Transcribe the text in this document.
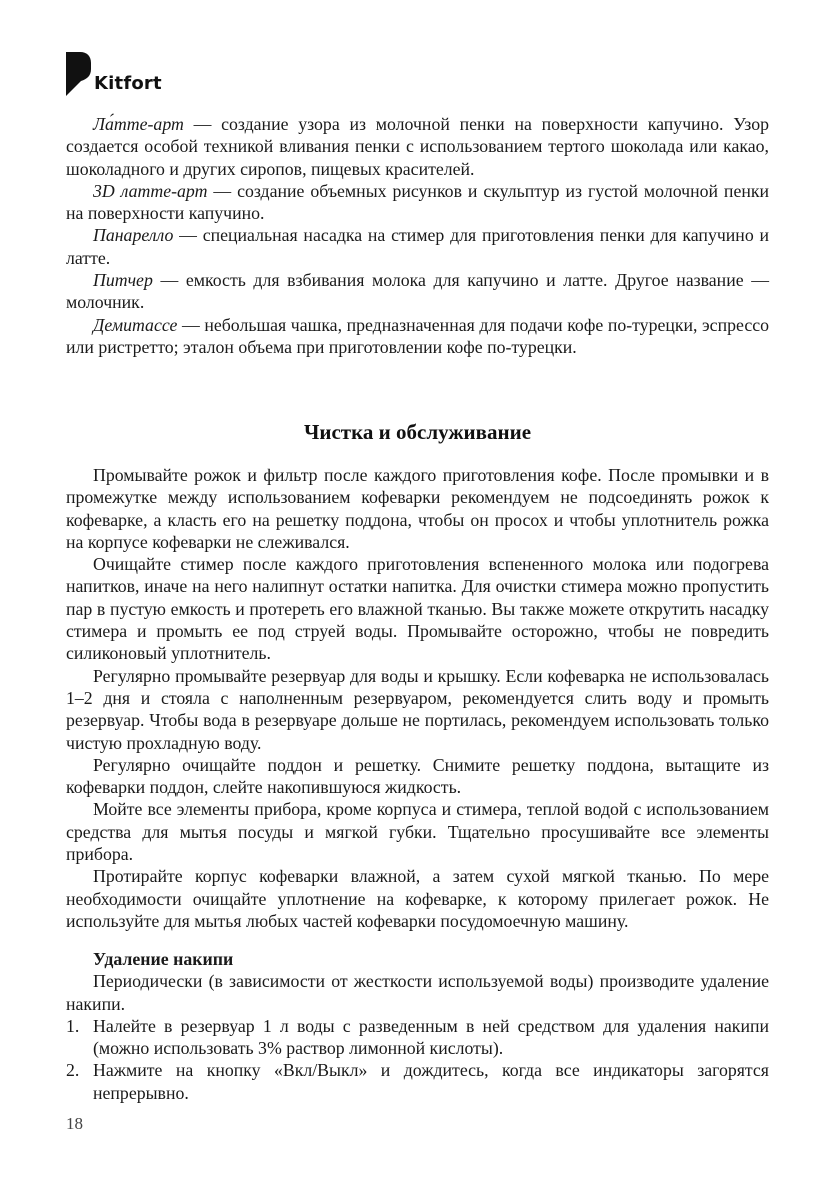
Kitfort

Ла́тте-арт — создание узора из молочной пенки на поверхности капучино. Узор создается особой техникой вливания пенки с использованием тертого шоколада или какао, шоколадного и других сиропов, пищевых красителей.

3D латте-арт — создание объемных рисунков и скульптур из густой молочной пенки на поверхности капучино.

Панарелло — специальная насадка на стимер для приготовления пенки для капучино и латте.

Питчер — емкость для взбивания молока для капучино и латте. Другое название — молочник.

Демитассе — небольшая чашка, предназначенная для подачи кофе по-турецки, эспрессо или ристретто; эталон объема при приготовлении кофе по-турецки.

Чистка и обслуживание

Промывайте рожок и фильтр после каждого приготовления кофе. После промывки и в промежутке между использованием кофеварки рекомендуем не подсоединять рожок к кофеварке, а класть его на решетку поддона, чтобы он просох и чтобы уплотнитель рожка на корпусе кофеварки не слеживался.

Очищайте стимер после каждого приготовления вспененного молока или подогрева напитков, иначе на него налипнут остатки напитка. Для очистки стимера можно пропустить пар в пустую емкость и протереть его влажной тканью. Вы также можете открутить насадку стимера и промыть ее под струей воды. Промывайте осторожно, чтобы не повредить силиконовый уплотнитель.

Регулярно промывайте резервуар для воды и крышку. Если кофеварка не использовалась 1–2 дня и стояла с наполненным резервуаром, рекомендуется слить воду и промыть резервуар. Чтобы вода в резервуаре дольше не портилась, рекомендуем использовать только чистую прохладную воду.

Регулярно очищайте поддон и решетку. Снимите решетку поддона, вытащите из кофеварки поддон, слейте накопившуюся жидкость.

Мойте все элементы прибора, кроме корпуса и стимера, теплой водой с использованием средства для мытья посуды и мягкой губки. Тщательно просушивайте все элементы прибора.

Протирайте корпус кофеварки влажной, а затем сухой мягкой тканью. По мере необходимости очищайте уплотнение на кофеварке, к которому прилегает рожок. Не используйте для мытья любых частей кофеварки посудомоечную машину.

Удаление накипи

Периодически (в зависимости от жесткости используемой воды) производите удаление накипи.

1. Налейте в резервуар 1 л воды с разведенным в ней средством для удаления накипи (можно использовать 3% раствор лимонной кислоты).
2. Нажмите на кнопку «Вкл/Выкл» и дождитесь, когда все индикаторы загорятся непрерывно.
18
